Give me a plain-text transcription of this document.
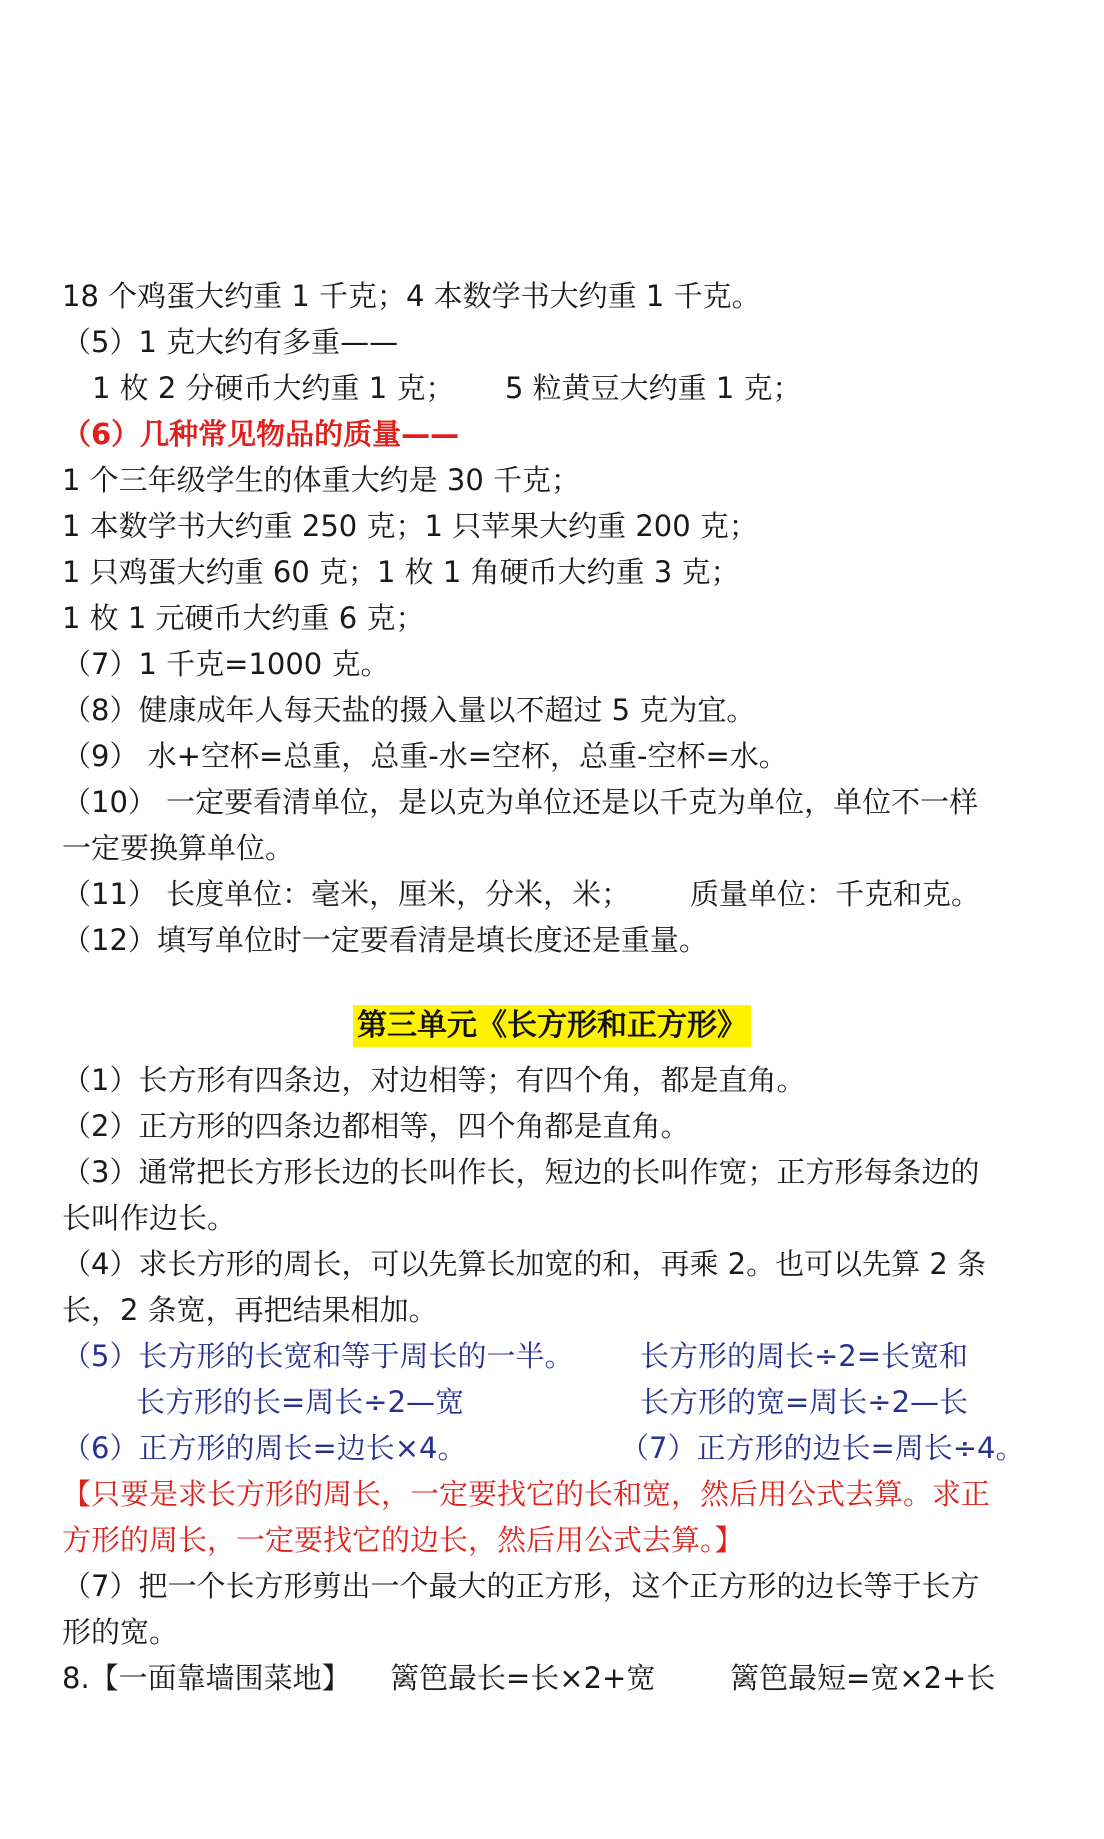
18 个鸡蛋大约重 1 千克；4 本数学书大约重 1 千克。
（5）1 克大约有多重——
1 枚 2 分硬币大约重 1 克； 5 粒黄豆大约重 1 克；
（6）几种常见物品的质量——
1 个三年级学生的体重大约是 30 千克；
1 本数学书大约重 250 克；1 只苹果大约重 200 克；
1 只鸡蛋大约重 60 克；1 枚 1 角硬币大约重 3 克；
1 枚 1 元硬币大约重 6 克；
（7）1 千克=1000 克。
（8）健康成年人每天盐的摄入量以不超过 5 克为宜。
（9） 水+空杯=总重，总重-水=空杯，总重-空杯=水。
（10） 一定要看清单位，是以克为单位还是以千克为单位，单位不一样
一定要换算单位。
（11） 长度单位：毫米，厘米，分米，米； 质量单位：千克和克。
（12）填写单位时一定要看清是填长度还是重量。
第三单元《长方形和正方形》
（1）长方形有四条边，对边相等；有四个角，都是直角。
（2）正方形的四条边都相等，四个角都是直角。
（3）通常把长方形长边的长叫作长，短边的长叫作宽；正方形每条边的
长叫作边长。
（4）求长方形的周长，可以先算长加宽的和，再乘 2。也可以先算 2 条
长，2 条宽，再把结果相加。
（5）长方形的长宽和等于周长的一半。 长方形的周长÷2=长宽和
长方形的长=周长÷2—宽	长方形的宽=周长÷2—长
（6）正方形的周长=边长×4。	（7）正方形的边长=周长÷4。
【只要是求长方形的周长，一定要找它的长和宽，然后用公式去算。求正
方形的周长，一定要找它的边长，然后用公式去算。】
（7）把一个长方形剪出一个最大的正方形，这个正方形的边长等于长方
形的宽。
8.【一面靠墙围菜地】 篱笆最长=长×2+宽	篱笆最短=宽×2+长
